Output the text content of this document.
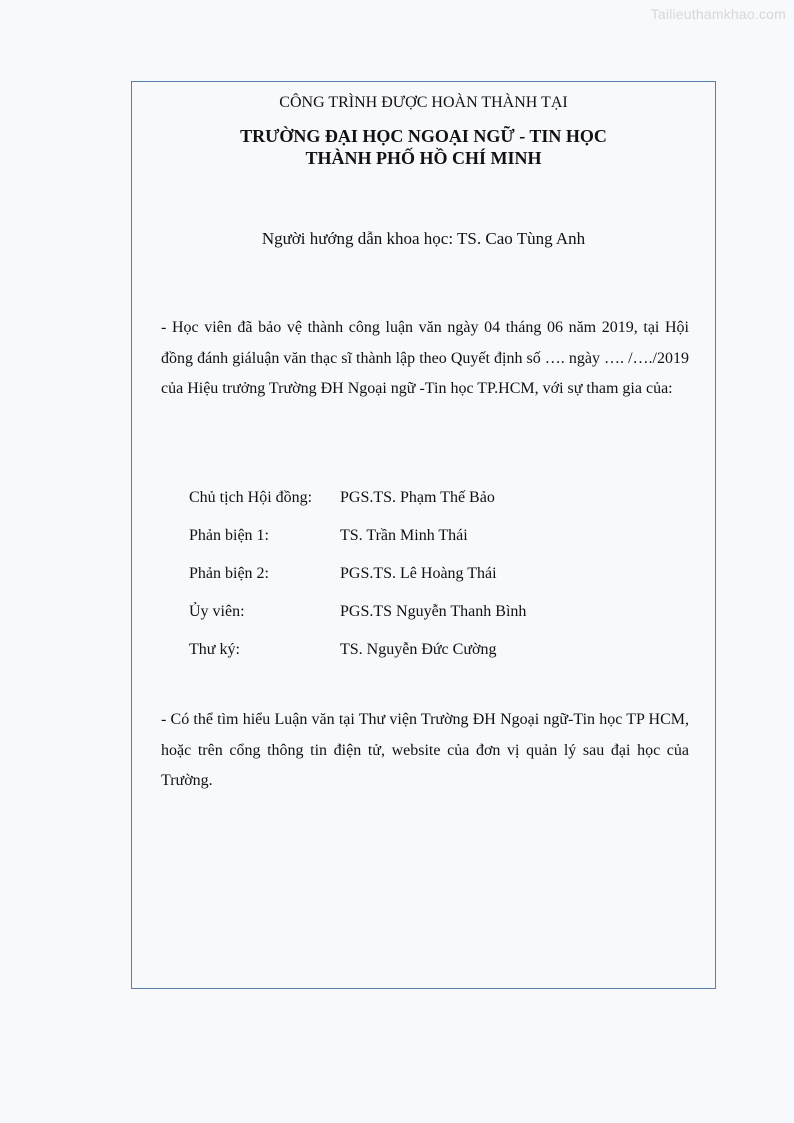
Tailieuthamkhao.com
CÔNG TRÌNH ĐƯỢC HOÀN THÀNH TẠI
TRƯỜNG ĐẠI HỌC NGOẠI NGỮ - TIN HỌC
THÀNH PHỐ HỒ CHÍ MINH
Người hướng dẫn khoa học: TS. Cao Tùng Anh
- Học viên đã bảo vệ thành công luận văn ngày 04 tháng 06 năm 2019, tại Hội đồng đánh giáluận văn thạc sĩ thành lập theo Quyết định số …. ngày …. /…./2019 của Hiệu trưởng Trường ĐH Ngoại ngữ -Tin học TP.HCM, với sự tham gia của:
Chủ tịch Hội đồng:	PGS.TS. Phạm Thế Bảo
Phản biện 1:	TS. Trần Minh Thái
Phản biện 2:	PGS.TS. Lê Hoàng Thái
Ủy viên:	PGS.TS Nguyễn Thanh Bình
Thư ký:	TS. Nguyễn Đức Cường
- Có thể tìm hiểu Luận văn tại Thư viện Trường ĐH Ngoại ngữ-Tin học TP HCM, hoặc trên cổng thông tin điện tử, website của đơn vị quản lý sau đại học của Trường.
